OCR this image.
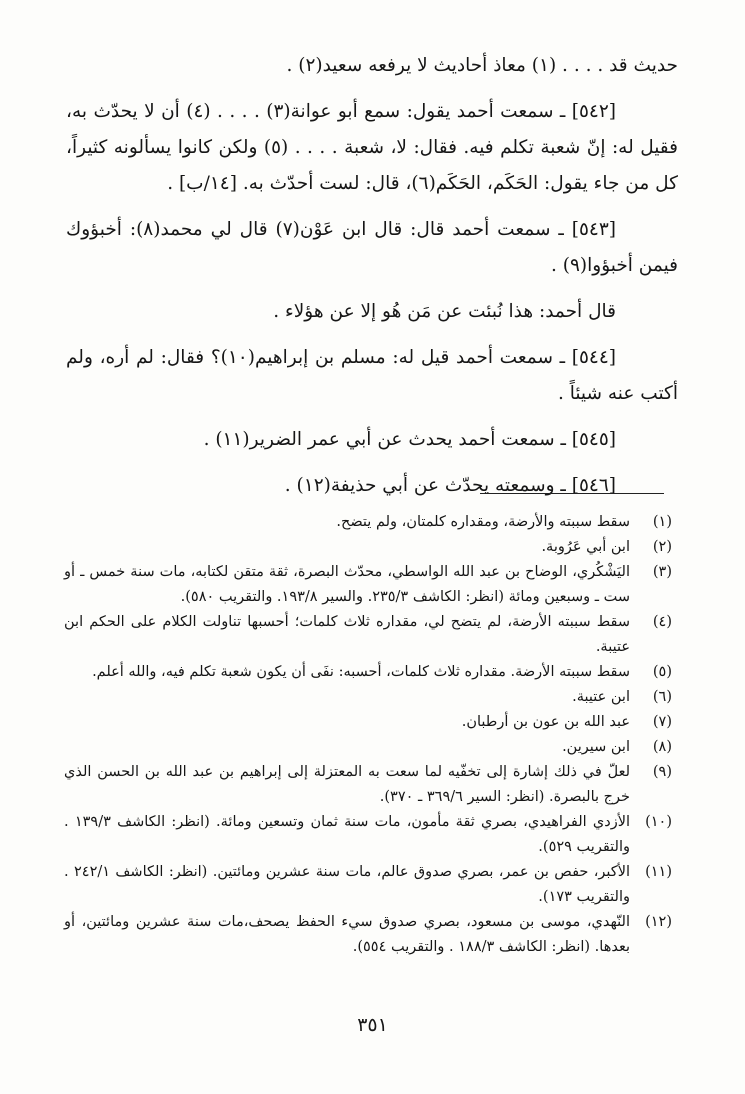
حديث قد . . . . (١) معاذ أحاديث لا يرفعه سعيد(٢) .

[٥٤٢] ـ سمعت أحمد يقول: سمع أبو عوانة(٣) . . . . (٤) أن لا يحدّث به، فقيل له: إنّ شعبة تكلم فيه. فقال: لا، شعبة . . . . (٥) ولكن كانوا يسألونه كثيراً، كل من جاء يقول: الحَكَم، الحَكَم(٦)، قال: لست أحدّث به. [١٤/ب] .

[٥٤٣] ـ سمعت أحمد قال: قال ابن عَوْن(٧) قال لي محمد(٨): أخبؤوك فيمن أخبؤوا(٩) .

قال أحمد: هذا نُبئت عن مَن هُو إلا عن هؤلاء .

[٥٤٤] ـ سمعت أحمد قيل له: مسلم بن إبراهيم(١٠)؟ فقال: لم أره، ولم أكتب عنه شيئاً .

[٥٤٥] ـ سمعت أحمد يحدث عن أبي عمر الضرير(١١) .

[٥٤٦] ـ وسمعته يحدّث عن أبي حذيفة(١٢) .

(١)
سقط سببته والأرضة، ومقداره كلمتان، ولم يتضح.
(٢)
ابن أبي عَرُوبة.
(٣)
اليَشْكُري، الوضاح بن عبد الله الواسطي، محدّث البصرة، ثقة متقن لكتابه، مات سنة خمس ـ أو ست ـ وسبعين ومائة (انظر: الكاشف ٢٣٥/٣. والسير ١٩٣/٨. والتقريب ٥٨٠).
(٤)
سقط سببته الأرضة، لم يتضح لي، مقداره ثلاث كلمات؛ أحسبها تناولت الكلام على الحكم ابن عتيبة.
(٥)
سقط سببته الأرضة. مقداره ثلاث كلمات، أحسبه: نفَى أن يكون شعبة تكلم فيه، والله أعلم.
(٦)
ابن عتيبة.
(٧)
عبد الله بن عون بن أرطبان.
(٨)
ابن سيرين.
(٩)
لعلّ في ذلك إشارة إلى تخفّيه لما سعت به المعتزلة إلى إبراهيم بن عبد الله بن الحسن الذي خرج بالبصرة. (انظر: السير ٣٦٩/٦ ـ ٣٧٠).
(١٠)
الأزدي الفراهيدي، بصري ثقة مأمون، مات سنة ثمان وتسعين ومائة. (انظر: الكاشف ١٣٩/٣ . والتقريب ٥٢٩).
(١١)
الأكبر، حفص بن عمر، بصري صدوق عالم، مات سنة عشرين ومائتين. (انظر: الكاشف ٢٤٢/١ . والتقريب ١٧٣).
(١٢)
النّهدي، موسى بن مسعود، بصري صدوق سيء الحفظ يصحف،مات سنة عشرين ومائتين، أو بعدها. (انظر: الكاشف ١٨٨/٣ . والتقريب ٥٥٤).
٣٥١
